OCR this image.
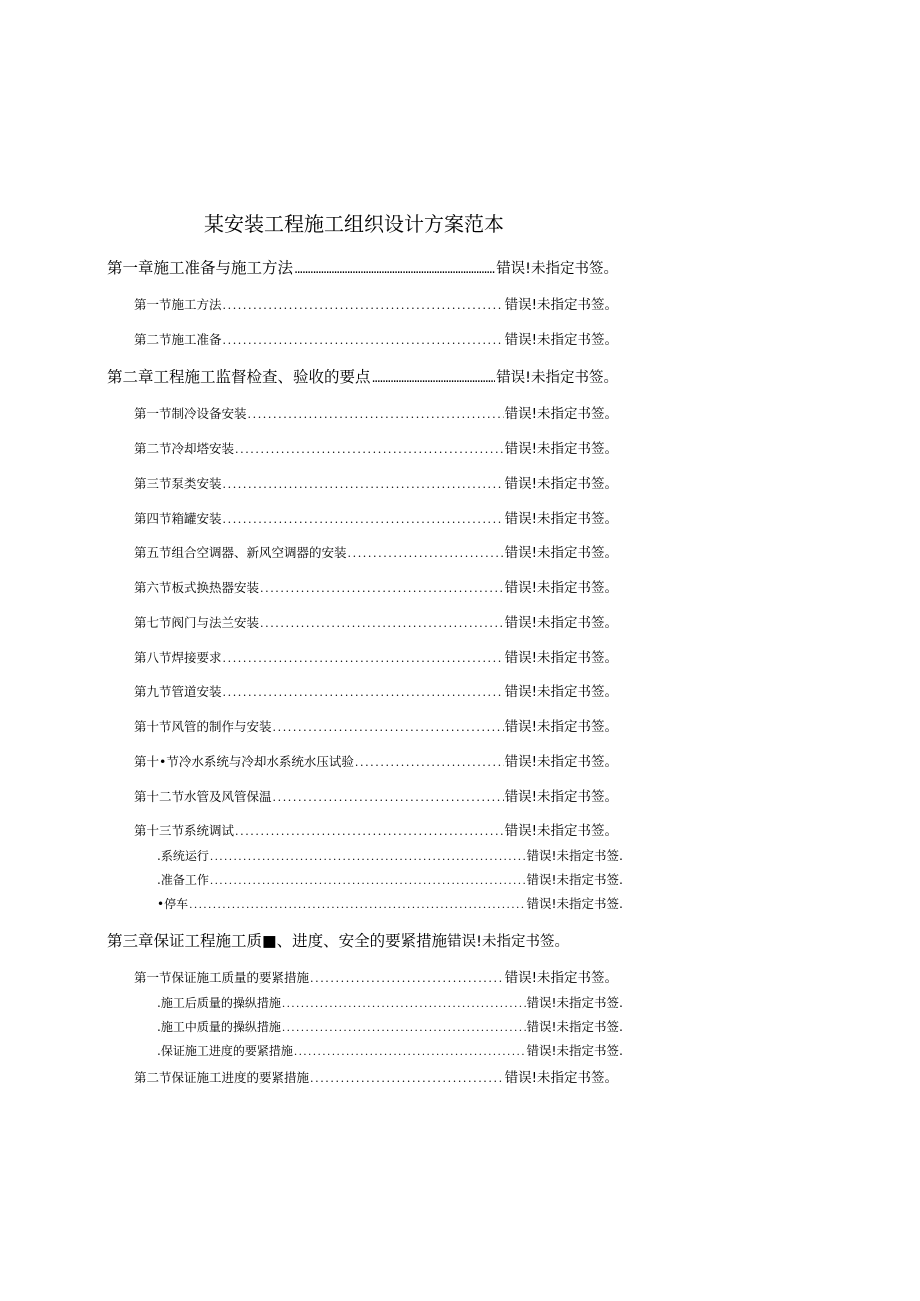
某安装工程施工组织设计方案范本
第一章施工准备与施工方法 .....	错误!未指定书签。
第一节施工方法 .....	错误!未指定书签。
第二节施工准备 .....	错误!未指定书签。
第二章工程施工监督检查、验收的要点 .....	错误!未指定书签。
第一节制冷设备安装 .....	错误!未指定书签。
第二节冷却塔安装 .....	错误!未指定书签。
第三节泵类安装 .....	错误!未指定书签。
第四节箱罐安装 .....	错误!未指定书签。
第五节组合空调器、新风空调器的安装 .....	错误!未指定书签。
第六节板式换热器安装 .....	错误!未指定书签。
第七节阀门与法兰安装 .....	错误!未指定书签。
第八节焊接要求 .....	错误!未指定书签。
第九节管道安装 .....	错误!未指定书签。
第十节风管的制作与安装 .....	错误!未指定书签。
第十•节冷水系统与冷却水系统水压试验 .....	错误!未指定书签。
第十二节水管及风管保温 .....	错误!未指定书签。
第十三节系统调试 .....	错误!未指定书签。
.系统运行 .....	错误!未指定书签.
.准备工作 .....	错误!未指定书签.
•停车 .....	错误!未指定书签.
第三章保证工程施工质■、进度、安全的要紧措施 错误!未指定书签。
第一节保证施工质量的要紧措施 .....	错误!未指定书签。
.施工后质量的操纵措施 .....	错误!未指定书签.
.施工中质量的操纵措施 .....	错误!未指定书签.
.保证施工进度的要紧措施 .....	错误!未指定书签.
第二节保证施工进度的要紧措施 .....	错误!未指定书签。
